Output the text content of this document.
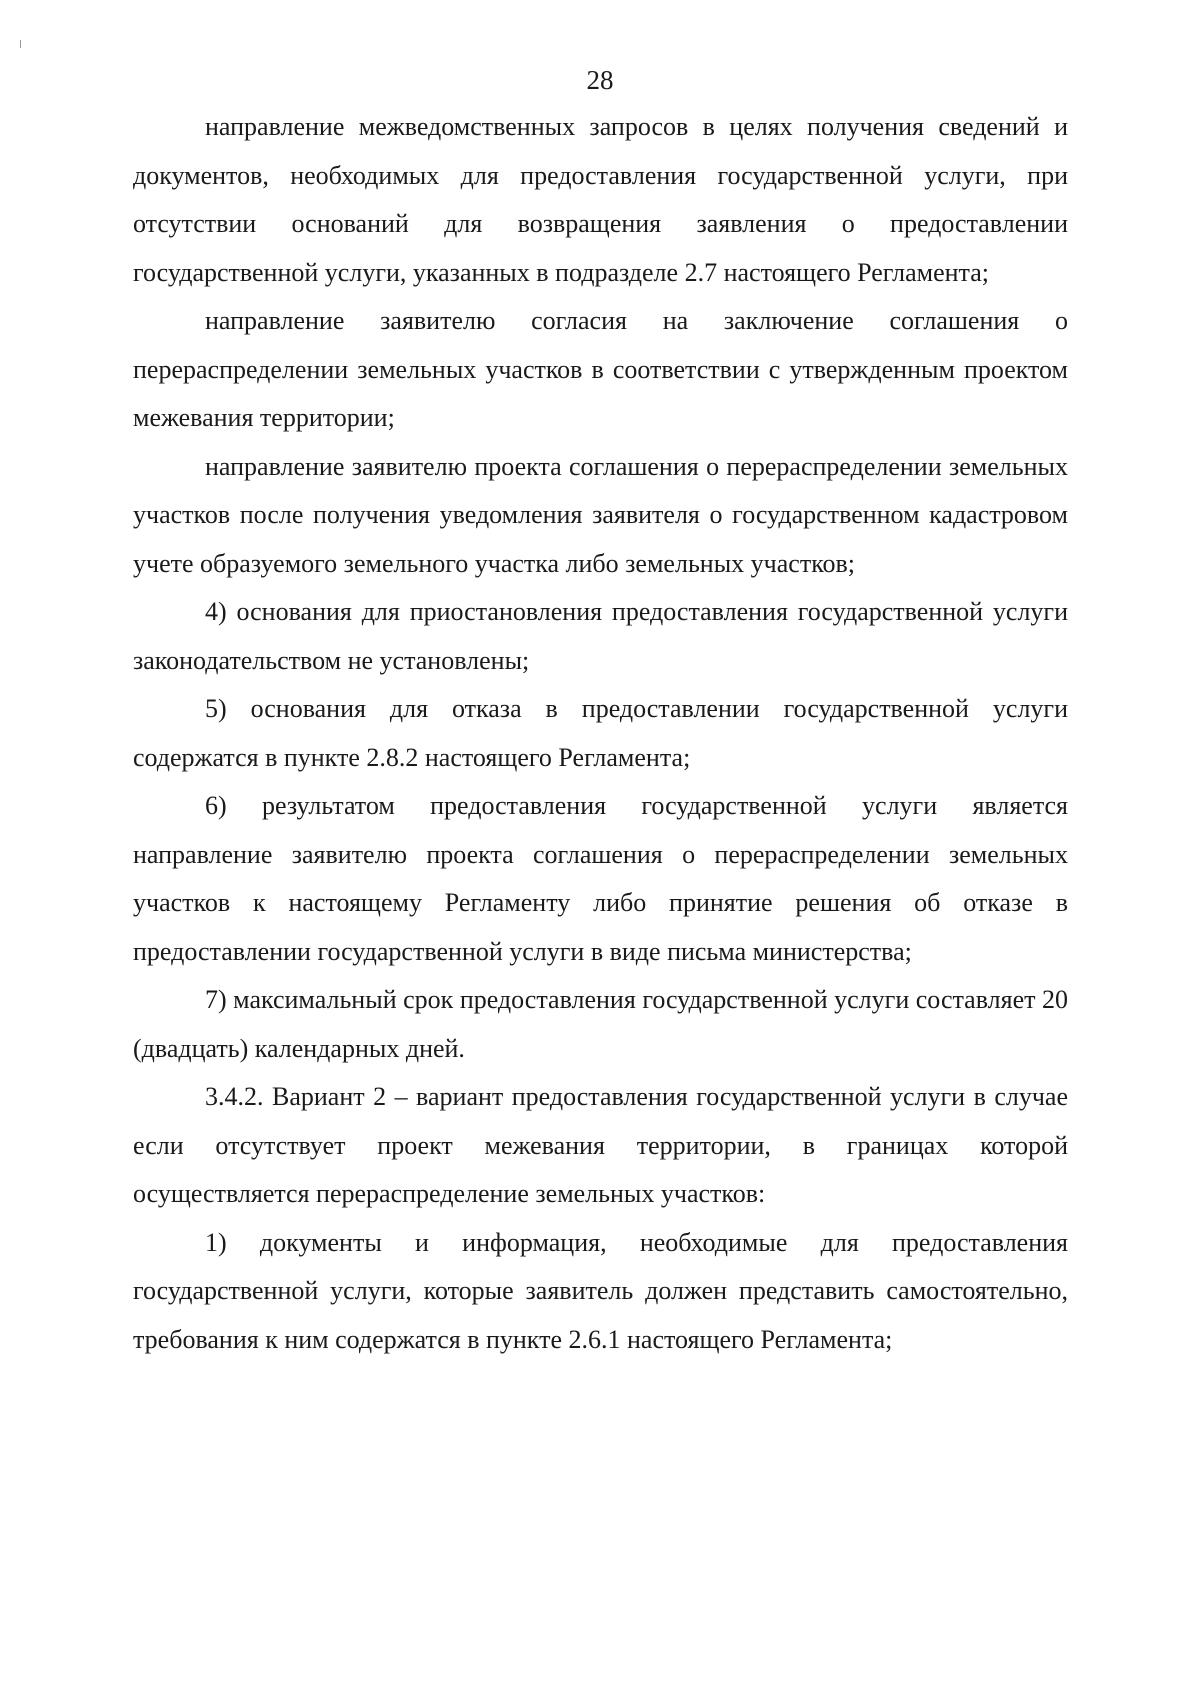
28

направление межведомственных запросов в целях получения сведений и документов, необходимых для предоставления государственной услуги, при отсутствии оснований для возвращения заявления о предоставлении государственной услуги, указанных в подразделе 2.7 настоящего Регламента;

направление заявителю согласия на заключение соглашения о перераспределении земельных участков в соответствии с утвержденным проектом межевания территории;

направление заявителю проекта соглашения о перераспределении земельных участков после получения уведомления заявителя о государственном кадастровом учете образуемого земельного участка либо земельных участков;

4) основания для приостановления предоставления государственной услуги законодательством не установлены;

5) основания для отказа в предоставлении государственной услуги содержатся в пункте 2.8.2 настоящего Регламента;

6) результатом предоставления государственной услуги является направление заявителю проекта соглашения о перераспределении земельных участков к настоящему Регламенту либо принятие решения об отказе в предоставлении государственной услуги в виде письма министерства;

7) максимальный срок предоставления государственной услуги составляет 20 (двадцать) календарных дней.

3.4.2. Вариант 2 – вариант предоставления государственной услуги в случае если отсутствует проект межевания территории, в границах которой осуществляется перераспределение земельных участков:

1) документы и информация, необходимые для предоставления государственной услуги, которые заявитель должен представить самостоятельно, требования к ним содержатся в пункте 2.6.1 настоящего Регламента;
